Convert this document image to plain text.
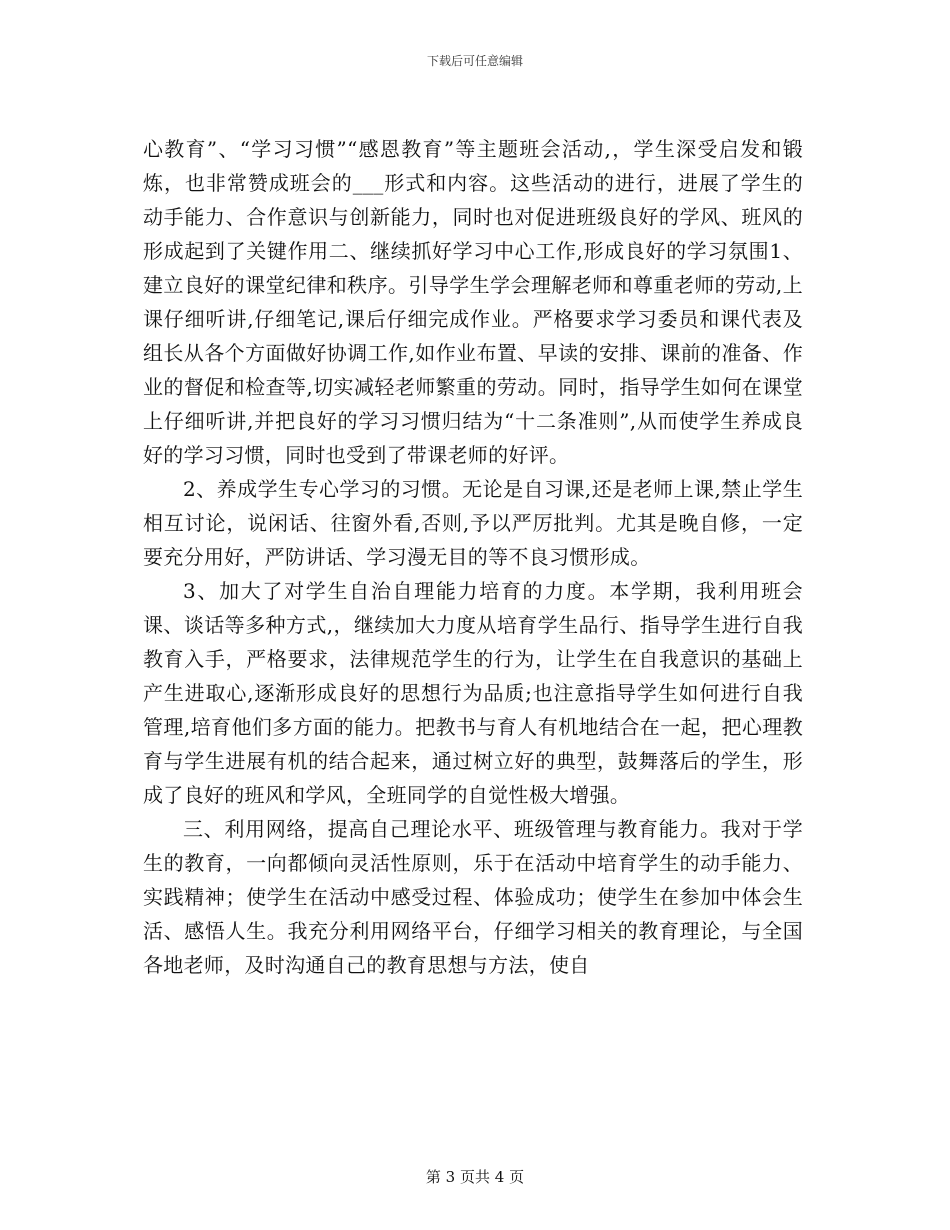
下载后可任意编辑

心教育”、“学习习惯”“感恩教育”等主题班会活动,，学生深受启发和锻炼，也非常赞成班会的___形式和内容。这些活动的进行，进展了学生的动手能力、合作意识与创新能力，同时也对促进班级良好的学风、班风的形成起到了关键作用二、继续抓好学习中心工作,形成良好的学习氛围1、建立良好的课堂纪律和秩序。引导学生学会理解老师和尊重老师的劳动,上课仔细听讲,仔细笔记,课后仔细完成作业。严格要求学习委员和课代表及组长从各个方面做好协调工作,如作业布置、早读的安排、课前的准备、作业的督促和检查等,切实减轻老师繁重的劳动。同时，指导学生如何在课堂上仔细听讲,并把良好的学习习惯归结为“十二条准则”,从而使学生养成良好的学习习惯，同时也受到了带课老师的好评。

2、养成学生专心学习的习惯。无论是自习课,还是老师上课,禁止学生相互讨论，说闲话、往窗外看,否则,予以严厉批判。尤其是晚自修，一定要充分用好，严防讲话、学习漫无目的等不良习惯形成。

3、加大了对学生自治自理能力培育的力度。本学期，我利用班会课、谈话等多种方式,，继续加大力度从培育学生品行、指导学生进行自我教育入手，严格要求，法律规范学生的行为，让学生在自我意识的基础上产生进取心,逐渐形成良好的思想行为品质;也注意指导学生如何进行自我管理,培育他们多方面的能力。把教书与育人有机地结合在一起，把心理教育与学生进展有机的结合起来，通过树立好的典型，鼓舞落后的学生，形成了良好的班风和学风，全班同学的自觉性极大增强。

三、利用网络，提高自己理论水平、班级管理与教育能力。我对于学生的教育，一向都倾向灵活性原则，乐于在活动中培育学生的动手能力、实践精神；使学生在活动中感受过程、体验成功；使学生在参加中体会生活、感悟人生。我充分利用网络平台，仔细学习相关的教育理论，与全国各地老师，及时沟通自己的教育思想与方法，使自

第 3 页共 4 页
